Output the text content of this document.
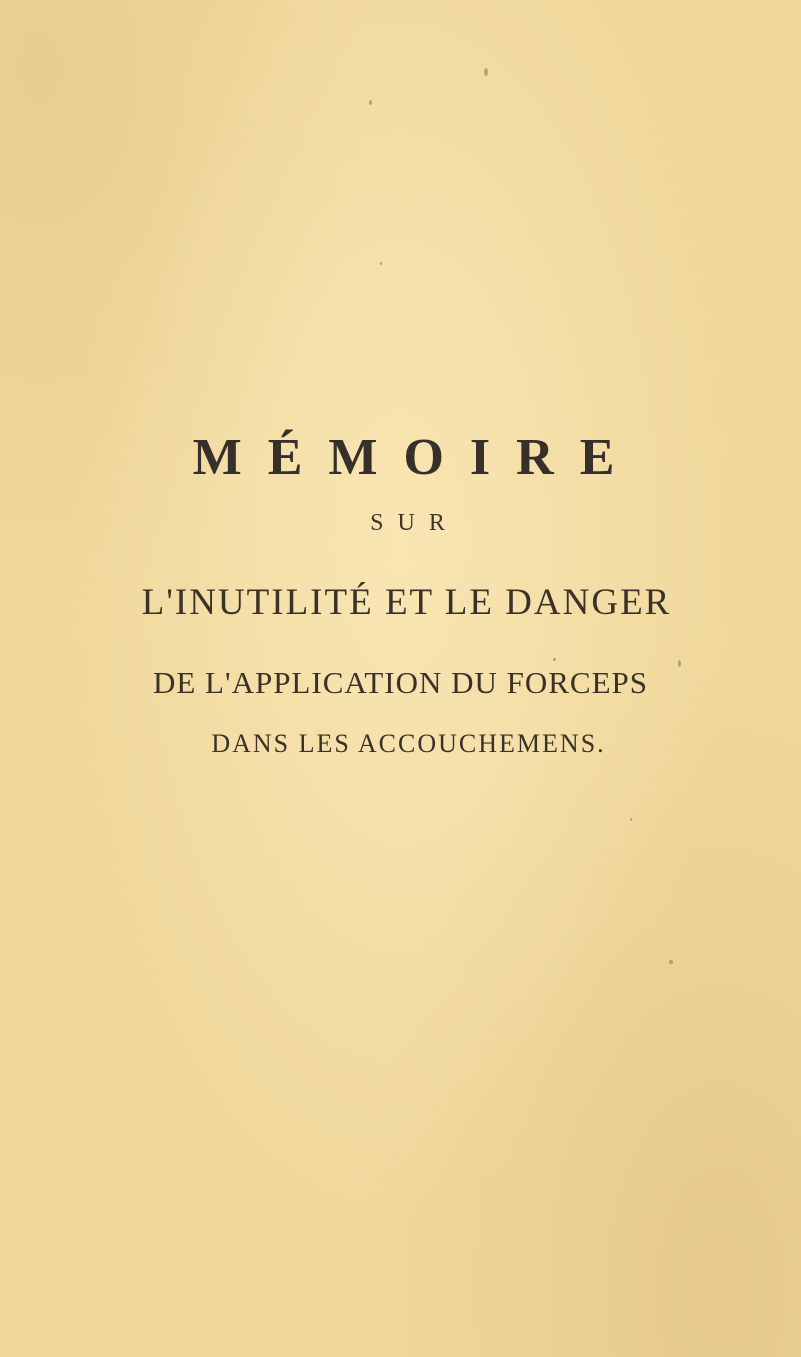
MÉMOIRE
SUR
L'INUTILITÉ ET LE DANGER
DE L'APPLICATION DU FORCEPS
DANS LES ACCOUCHEMENS.
